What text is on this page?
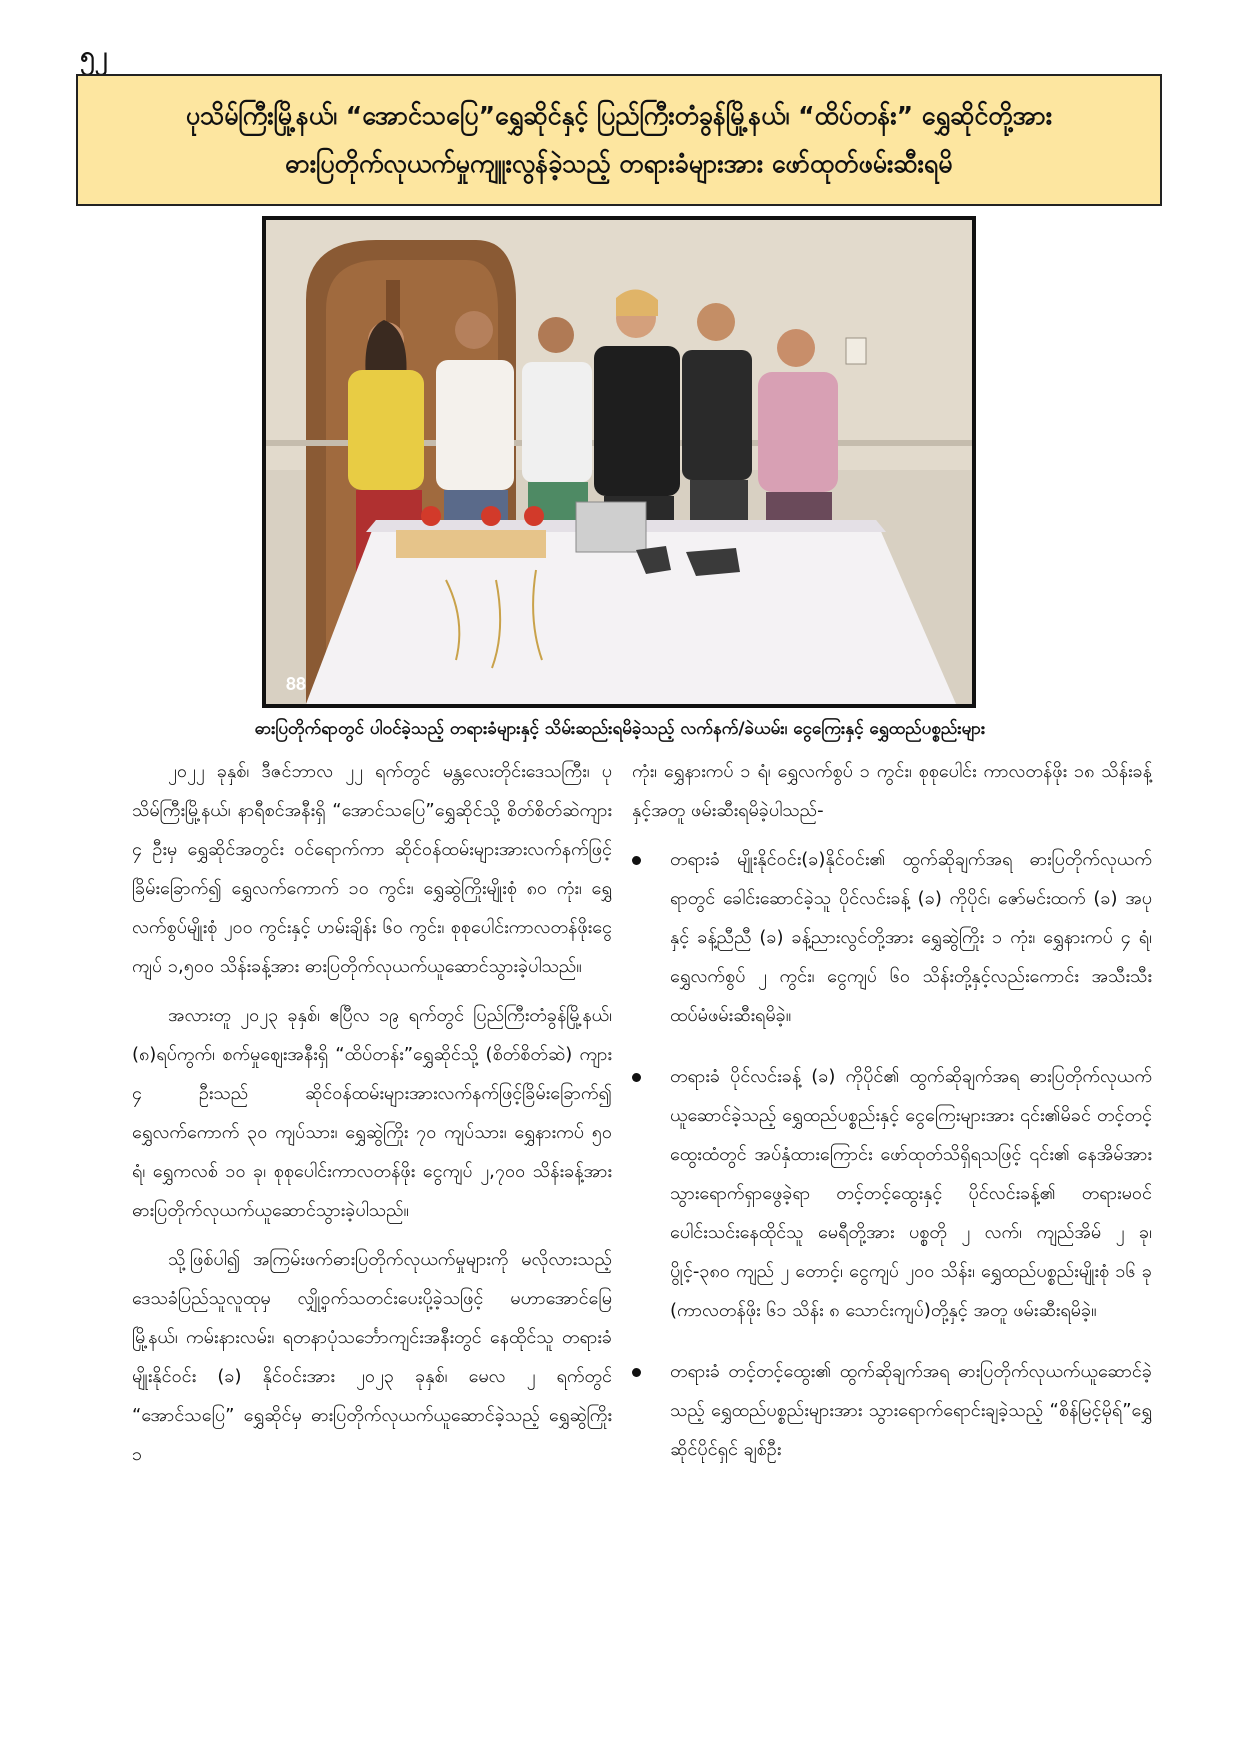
၅၂
ပုသိမ်ကြီးမြို့နယ်၊ “အောင်သပြေ”ရွှေဆိုင်နှင့် ပြည်ကြီးတံခွန်မြို့နယ်၊ “ထိပ်တန်း” ရွှေဆိုင်တို့အား
ဓားပြတိုက်လုယက်မှုကျူးလွန်ခဲ့သည့် တရားခံများအား ဖော်ထုတ်ဖမ်းဆီးရမိ
𝟖𝟖
ဓားပြတိုက်ရာတွင် ပါဝင်ခဲ့သည့် တရားခံများနှင့် သိမ်းဆည်းရမိခဲ့သည့် လက်နက်/ခဲယမ်း၊ ငွေကြေးနှင့် ရွှေထည်ပစ္စည်းများ

၂၀၂၂ ခုနှစ်၊ ဒီဇင်ဘာလ ၂၂ ရက်တွင် မန္တလေးတိုင်းဒေသကြီး၊ ပုသိမ်ကြီးမြို့နယ်၊ နာရီစင်အနီးရှိ “အောင်သပြေ”ရွှေဆိုင်သို့ စိတ်စိတ်ဆဲကျား ၄ ဦးမှ ရွှေဆိုင်အတွင်း ဝင်ရောက်ကာ ဆိုင်ဝန်ထမ်းများအားလက်နက်ဖြင့်ခြိမ်းခြောက်၍ ရွှေလက်ကောက် ၁၀ ကွင်း၊ ရွှေဆွဲကြိုးမျိုးစုံ ၈၀ ကုံး၊ ရွှေလက်စွပ်မျိုးစုံ ၂၀၀ ကွင်းနှင့် ဟမ်းချိန်း ၆၀ ကွင်း၊ စုစုပေါင်းကာလတန်ဖိုးငွေကျပ် ၁,၅၀၀ သိန်းခန့်အား ဓားပြတိုက်လုယက်ယူဆောင်သွားခဲ့ပါသည်။

အလားတူ ၂၀၂၃ ခုနှစ်၊ ဧပြီလ ၁၉ ရက်တွင် ပြည်ကြီးတံခွန်မြို့နယ်၊ (၈)ရပ်ကွက်၊ စက်မှုဈေးအနီးရှိ “ထိပ်တန်း”ရွှေဆိုင်သို့ (စိတ်စိတ်ဆဲ) ကျား ၄ ဦးသည် ဆိုင်ဝန်ထမ်းများအားလက်နက်ဖြင့်ခြိမ်းခြောက်၍ ရွှေလက်ကောက် ၃၀ ကျပ်သား၊ ရွှေဆွဲကြိုး ၇၀ ကျပ်သား၊ ရွှေနားကပ် ၅၀ ရံ၊ ရွှေကလစ် ၁၀ ခု၊ စုစုပေါင်းကာလတန်ဖိုး ငွေကျပ် ၂,၇၀၀ သိန်းခန့်အား ဓားပြတိုက်လုယက်ယူဆောင်သွားခဲ့ပါသည်။

သို့ဖြစ်ပါ၍ အကြမ်းဖက်ဓားပြတိုက်လုယက်မှုများကို မလိုလားသည့် ဒေသခံပြည်သူလူထုမှ လျှို့ဝှက်သတင်းပေးပို့ခဲ့သဖြင့် မဟာအောင်မြေမြို့နယ်၊ ကမ်းနားလမ်း၊ ရတနာပုံသင်္ဘောကျင်းအနီးတွင် နေထိုင်သူ တရားခံ မျိုးနိုင်ဝင်း (ခ) နိုင်ဝင်းအား ၂၀၂၃ ခုနှစ်၊ မေလ ၂ ရက်တွင် “အောင်သပြေ” ရွှေဆိုင်မှ ဓားပြတိုက်လုယက်ယူဆောင်ခဲ့သည့် ရွှေဆွဲကြိုး ၁

ကုံး၊ ရွှေနားကပ် ၁ ရံ၊ ရွှေလက်စွပ် ၁ ကွင်း၊ စုစုပေါင်း ကာလတန်ဖိုး ၁၈ သိန်းခန့်နှင့်အတူ ဖမ်းဆီးရမိခဲ့ပါသည်-

တရားခံ မျိုးနိုင်ဝင်း(ခ)နိုင်ဝင်း၏ ထွက်ဆိုချက်အရ ဓားပြတိုက်လုယက်ရာတွင် ခေါင်းဆောင်ခဲ့သူ ပိုင်လင်းခန့် (ခ) ကိုပိုင်၊ ဇော်မင်းထက် (ခ) အပုနှင့် ခန့်ညီညီ (ခ) ခန့်ညားလွင်တို့အား ရွှေဆွဲကြိုး ၁ ကုံး၊ ရွှေနားကပ် ၄ ရံ၊ ရွှေလက်စွပ် ၂ ကွင်း၊ ငွေကျပ် ၆၀ သိန်းတို့နှင့်လည်းကောင်း အသီးသီး ထပ်မံဖမ်းဆီးရမိခဲ့။
တရားခံ ပိုင်လင်းခန့် (ခ) ကိုပိုင်၏ ထွက်ဆိုချက်အရ ဓားပြတိုက်လုယက်ယူဆောင်ခဲ့သည့် ရွှေထည်ပစ္စည်းနှင့် ငွေကြေးများအား ၎င်း၏မိခင် တင့်တင့်ထွေးထံတွင် အပ်နှံထားကြောင်း ဖော်ထုတ်သိရှိရသဖြင့် ၎င်း၏ နေအိမ်အား သွားရောက်ရှာဖွေခဲ့ရာ တင့်တင့်ထွေးနှင့် ပိုင်လင်းခန့်၏ တရားမဝင်ပေါင်းသင်းနေထိုင်သူ မေရီတို့အား ပစ္စတို ၂ လက်၊ ကျည်အိမ် ၂ ခု၊ ပွိုင့်-၃၈၀ ကျည် ၂ တောင့်၊ ငွေကျပ် ၂၀၀ သိန်း၊ ရွှေထည်ပစ္စည်းမျိုးစုံ ၁၆ ခု (ကာလတန်ဖိုး ၆၁ သိန်း ၈ သောင်းကျပ်)တို့နှင့် အတူ ဖမ်းဆီးရမိခဲ့။
တရားခံ တင့်တင့်ထွေး၏ ထွက်ဆိုချက်အရ ဓားပြတိုက်လုယက်ယူဆောင်ခဲ့သည့် ရွှေထည်ပစ္စည်းများအား သွားရောက်ရောင်းချခဲ့သည့် “စိန်မြင့်မိုရ်”ရွှေဆိုင်ပိုင်ရှင် ချစ်ဦး
